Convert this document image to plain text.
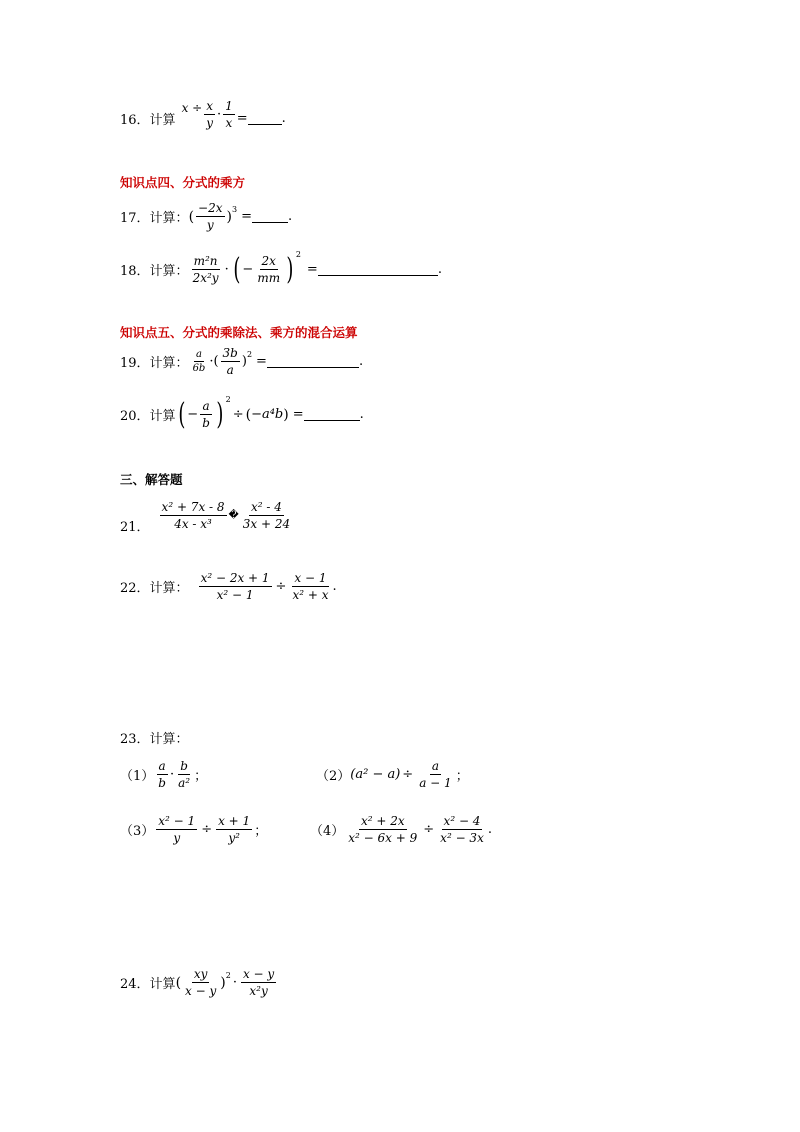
16． 计算
$x \div \frac{x}{y} \cdot \frac{1}{x}$ =	.
知识点四、分式的乘方
17． 计算： ( $\frac{-2x}{y} )^3$ =	.
18． 计算： $\frac{\text{m²n}}{\text{2x²y}}$ · ( − $\frac{2x}{mm}$ ) $^2$
=	.
知识点五、分式的乘除法、乘方的混合运算
19． 计算： $\frac{a}{6b}$ ·( $\frac{3b}{a} )^2$ =	.
20． 计算 ( − $\frac{a}{b}$ ) $^2$
÷ ( −a⁴b ) =	.
三、解答题
21． $\frac{\text{x² + 7x - 8}}{\text{4x - x³}}$ � $\frac{\text{x² - 4}}{3x + 24}$
22． 计算： $\frac{\text{x² − 2x + 1}}{\text{x² − 1}} \div \frac{x - 1}{\text{x² + x}}$ .
23． 计算：
$(1) \frac{a}{b} \cdot \frac{b}{\text{a²}}$ ；	（2） $(a^2 - a) \div \frac{a}{a - 1}$ ；
$(3) \frac{\text{x² − 1}}{y} \div \frac{x + 1}{\text{y²}}$ ；	$(4) \frac{\text{x² + 2x}}{\text{x² − 6x + 9}} \div \frac{\text{x² − 4}}{\text{x² − 3x}}$ .
24． 计算 ( $\frac{xy}{x - y} )^2 \cdot \frac{x - y}{\text{x²y}}$
